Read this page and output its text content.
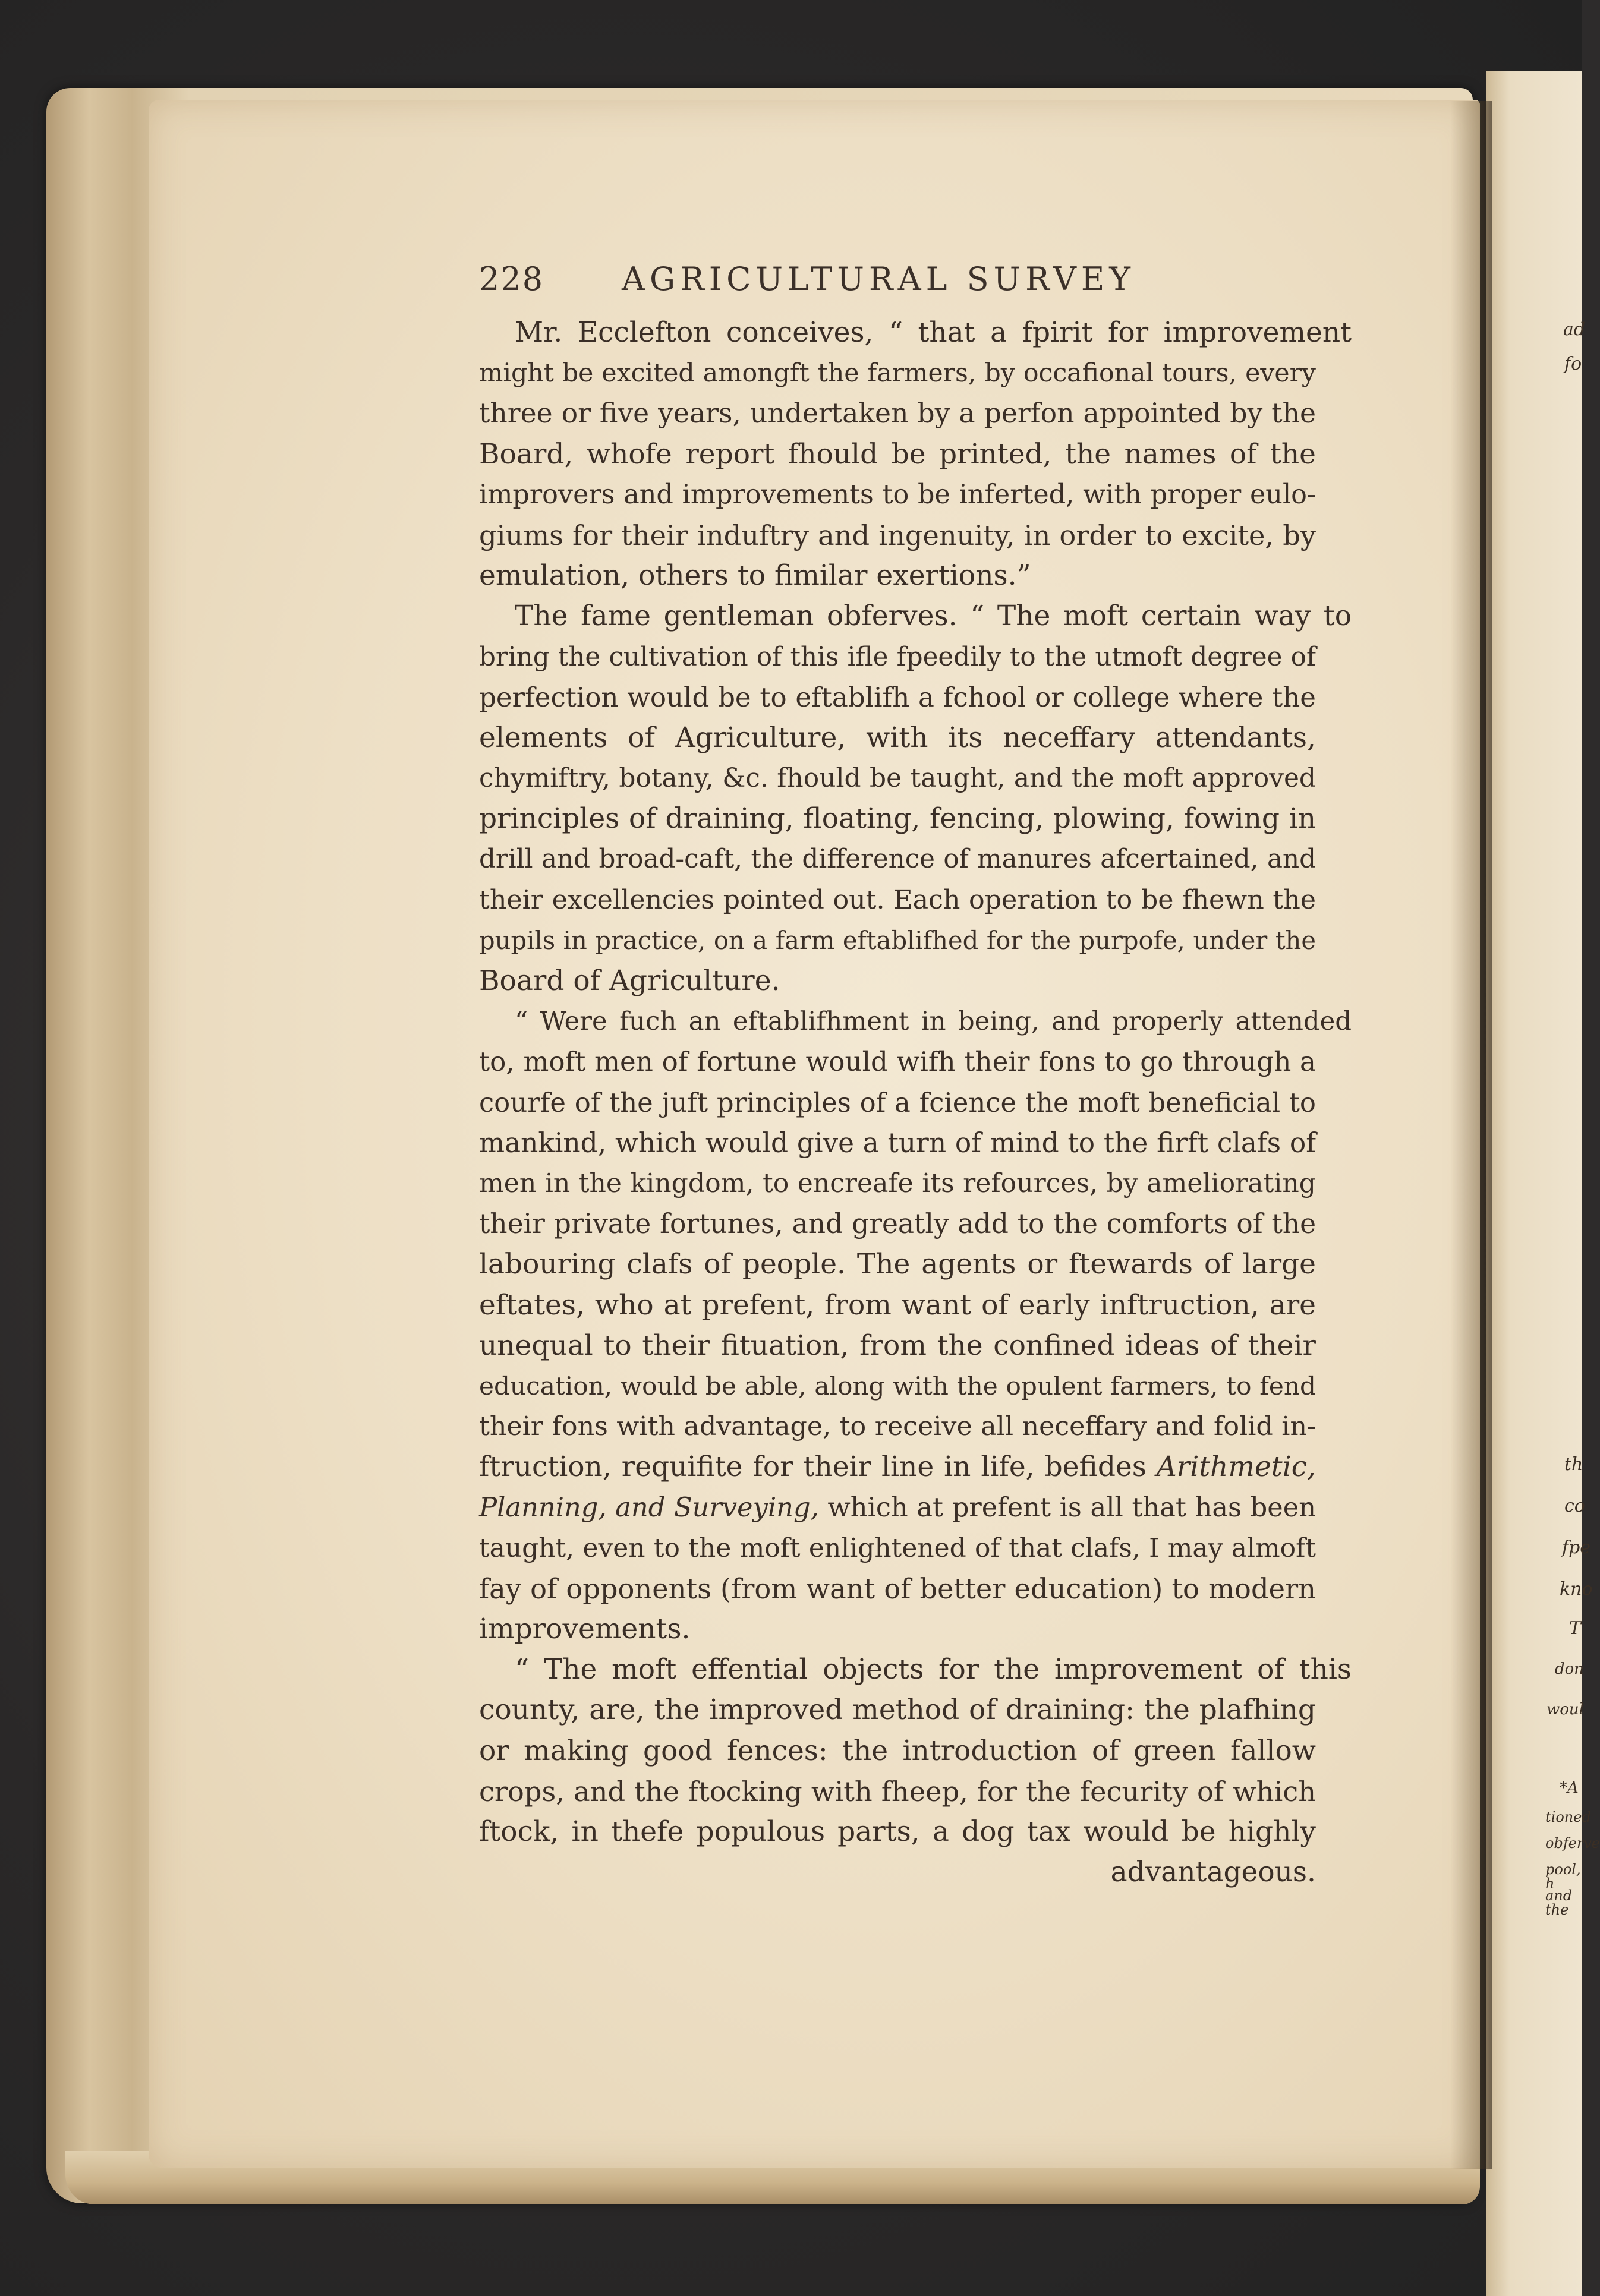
ad
fo
th
co
fpe
kno
T
don
woul
*A
tioned
obferve
pool, h
and the
228 AGRICULTURAL SURVEY
Mr. Ecclefton conceives, “ that a fpirit for improvement
might be excited amongft the farmers, by occafional tours, every
three or five years, undertaken by a perfon appointed by the
Board, whofe report fhould be printed, the names of the
improvers and improvements to be inferted, with proper eulo-
giums for their induftry and ingenuity, in order to excite, by
emulation, others to fimilar exertions.”
The fame gentleman obferves. “ The moft certain way to
bring the cultivation of this ifle fpeedily to the utmoft degree of
perfection would be to eftablifh a fchool or college where the
elements of Agriculture, with its neceffary attendants,
chymiftry, botany, &c. fhould be taught, and the moft approved
principles of draining, floating, fencing, plowing, fowing in
drill and broad-caft, the difference of manures afcertained, and
their excellencies pointed out. Each operation to be fhewn the
pupils in practice, on a farm eftablifhed for the purpofe, under the
Board of Agriculture.
“ Were fuch an eftablifhment in being, and properly attended
to, moft men of fortune would wifh their fons to go through a
courfe of the juft principles of a fcience the moft beneficial to
mankind, which would give a turn of mind to the firft clafs of
men in the kingdom, to encreafe its refources, by ameliorating
their private fortunes, and greatly add to the comforts of the
labouring clafs of people. The agents or ftewards of large
eftates, who at prefent, from want of early inftruction, are
unequal to their fituation, from the confined ideas of their
education, would be able, along with the opulent farmers, to fend
their fons with advantage, to receive all neceffary and folid in-
ftruction, requifite for their line in life, befides Arithmetic,
Planning, and Surveying, which at prefent is all that has been
taught, even to the moft enlightened of that clafs, I may almoft
fay of opponents (from want of better education) to modern
improvements.
“ The moft effential objects for the improvement of this
county, are, the improved method of draining: the plafhing
or making good fences: the introduction of green fallow
crops, and the ftocking with fheep, for the fecurity of which
ftock, in thefe populous parts, a dog tax would be highly
advantageous.
